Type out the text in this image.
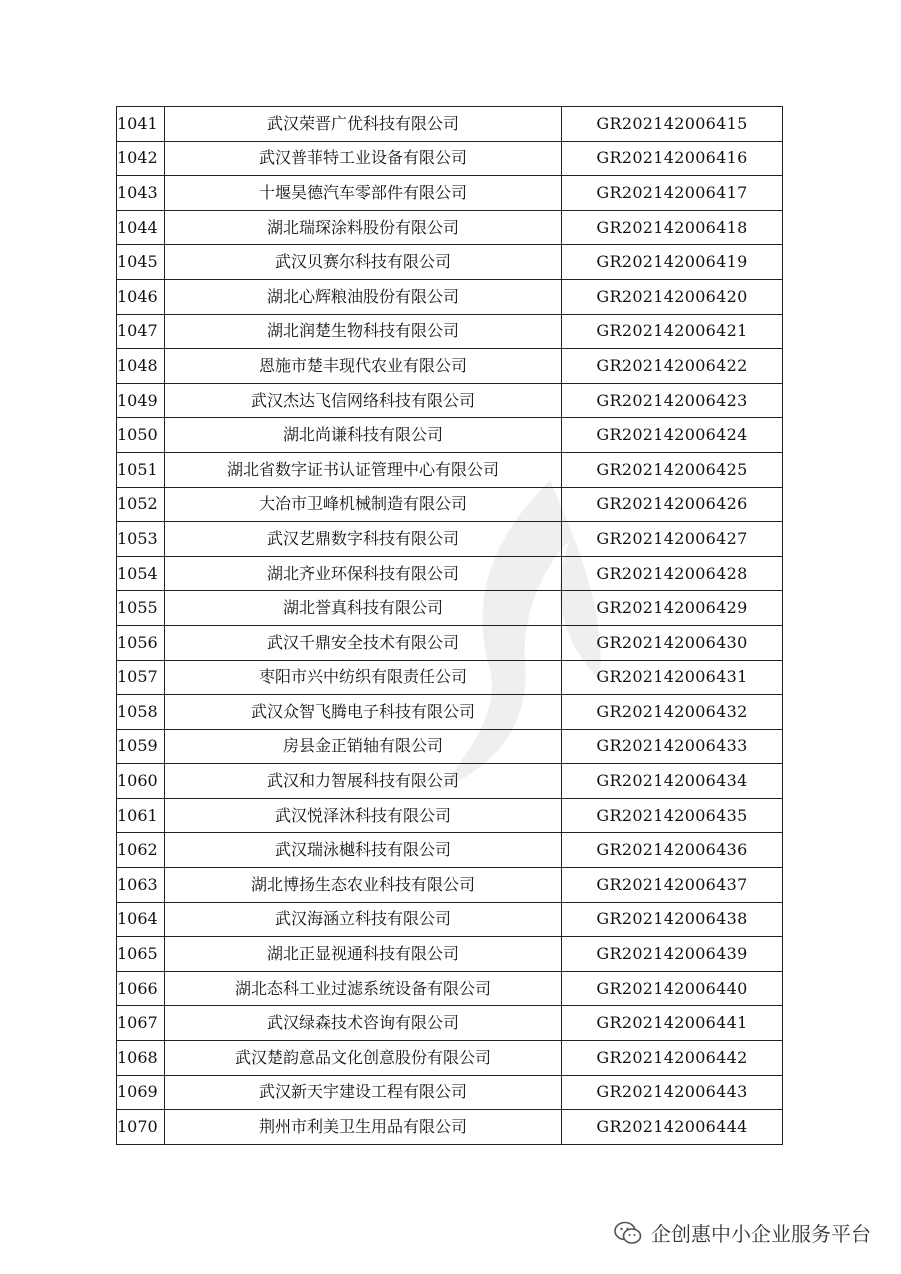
1041	武汉荣晋广优科技有限公司	GR202142006415
1042	武汉普菲特工业设备有限公司	GR202142006416
1043	十堰昊德汽车零部件有限公司	GR202142006417
1044	湖北瑞琛涂料股份有限公司	GR202142006418
1045	武汉贝赛尔科技有限公司	GR202142006419
1046	湖北心辉粮油股份有限公司	GR202142006420
1047	湖北润楚生物科技有限公司	GR202142006421
1048	恩施市楚丰现代农业有限公司	GR202142006422
1049	武汉杰达飞信网络科技有限公司	GR202142006423
1050	湖北尚谦科技有限公司	GR202142006424
1051	湖北省数字证书认证管理中心有限公司	GR202142006425
1052	大冶市卫峰机械制造有限公司	GR202142006426
1053	武汉艺鼎数字科技有限公司	GR202142006427
1054	湖北齐业环保科技有限公司	GR202142006428
1055	湖北誉真科技有限公司	GR202142006429
1056	武汉千鼎安全技术有限公司	GR202142006430
1057	枣阳市兴中纺织有限责任公司	GR202142006431
1058	武汉众智飞腾电子科技有限公司	GR202142006432
1059	房县金正销轴有限公司	GR202142006433
1060	武汉和力智展科技有限公司	GR202142006434
1061	武汉悦泽沐科技有限公司	GR202142006435
1062	武汉瑞泳樾科技有限公司	GR202142006436
1063	湖北博扬生态农业科技有限公司	GR202142006437
1064	武汉海涵立科技有限公司	GR202142006438
1065	湖北正显视通科技有限公司	GR202142006439
1066	湖北态科工业过滤系统设备有限公司	GR202142006440
1067	武汉绿森技术咨询有限公司	GR202142006441
1068	武汉楚韵意品文化创意股份有限公司	GR202142006442
1069	武汉新天宇建设工程有限公司	GR202142006443
1070	荆州市利美卫生用品有限公司	GR202142006444
企创惠中小企业服务平台
